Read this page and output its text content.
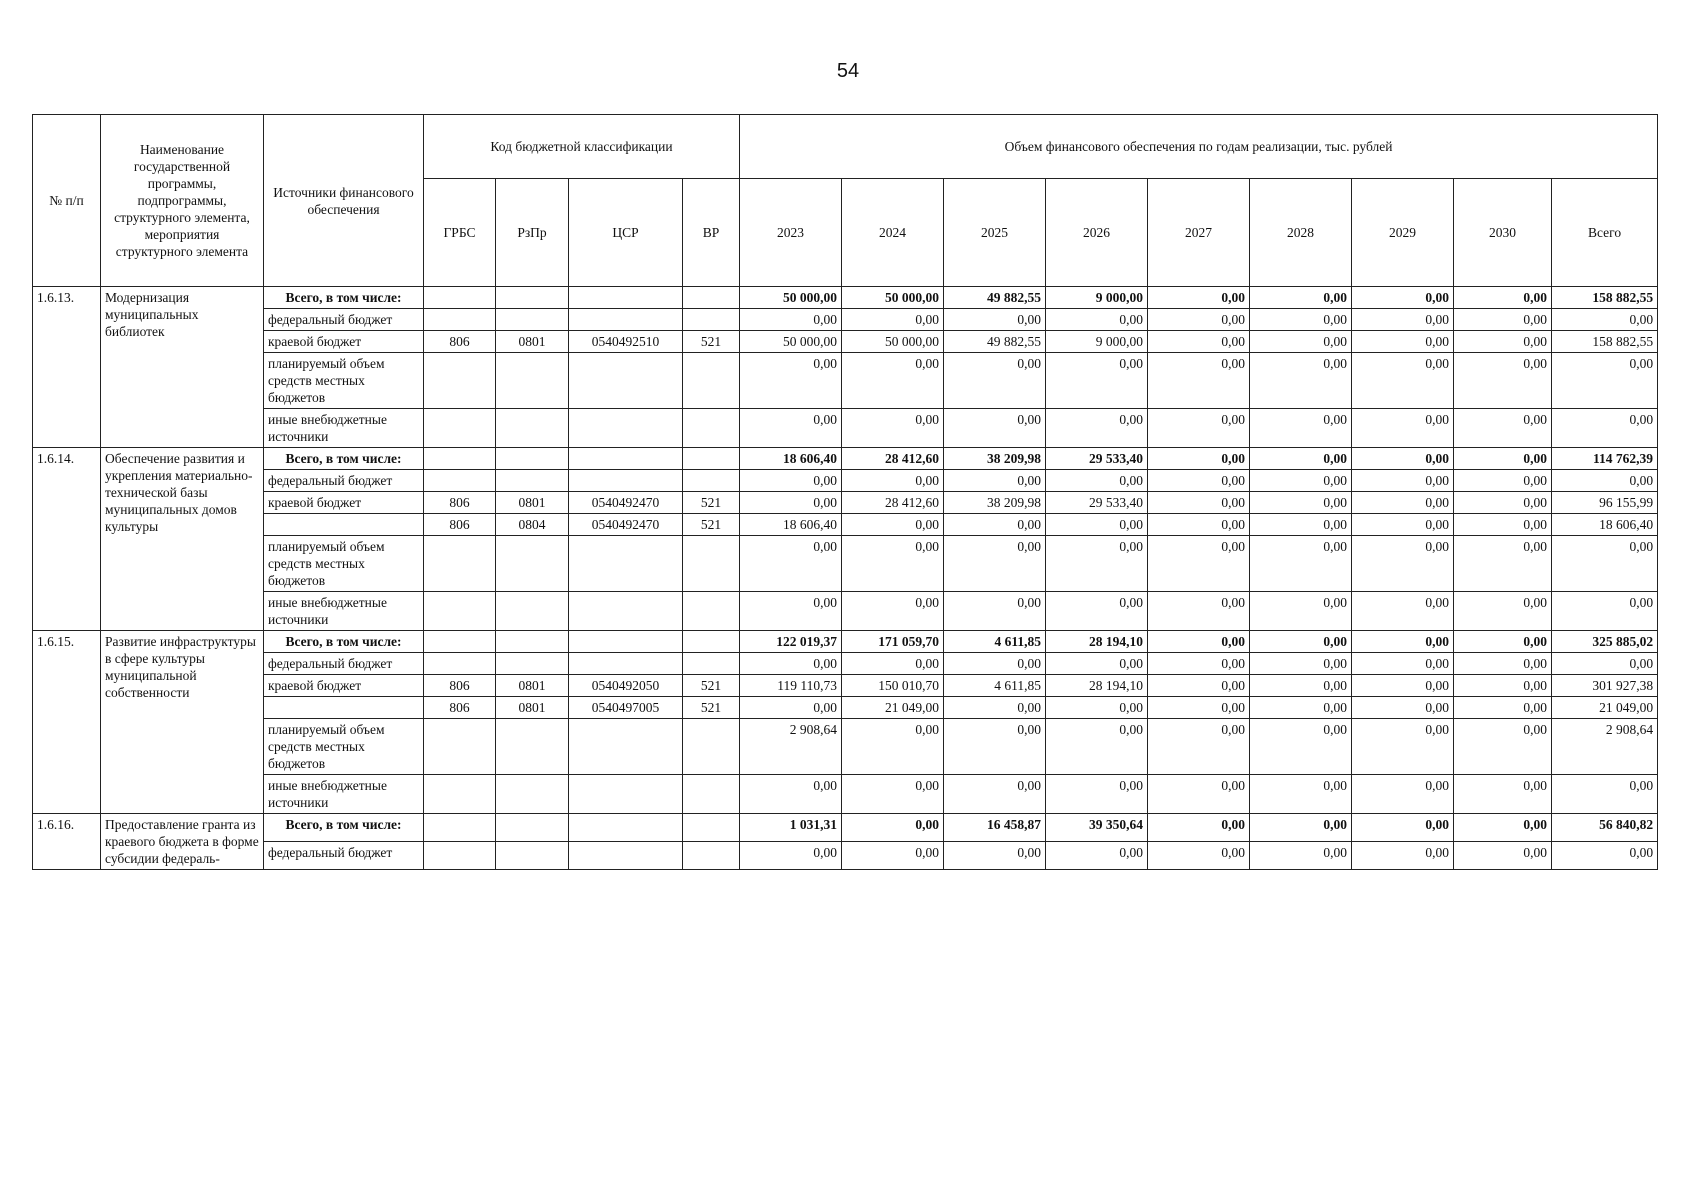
54
№ п/п	Наименование государственной программы, подпрограммы, структурного элемента, мероприятия структурного элемента	Источники финансового обеспечения	Код бюджетной классификации				Объем финансового обеспечения по годам реализации, тыс. рублей								
			ГРБС	РзПр	ЦСР	ВР	2023	2024	2025	2026	2027	2028	2029	2030	Всего
1.6.13.	Модернизация муниципальных библиотек	Всего, в том числе:					50 000,00	50 000,00	49 882,55	9 000,00	0,00	0,00	0,00	0,00	158 882,55
		федеральный бюджет					0,00	0,00	0,00	0,00	0,00	0,00	0,00	0,00	0,00
		краевой бюджет	806	0801	0540492510	521	50 000,00	50 000,00	49 882,55	9 000,00	0,00	0,00	0,00	0,00	158 882,55
		планируемый объем средств местных бюджетов					0,00	0,00	0,00	0,00	0,00	0,00	0,00	0,00	0,00
		иные внебюджетные источники					0,00	0,00	0,00	0,00	0,00	0,00	0,00	0,00	0,00
1.6.14.	Обеспечение развития и укрепления материально-технической базы муниципальных домов культуры	Всего, в том числе:					18 606,40	28 412,60	38 209,98	29 533,40	0,00	0,00	0,00	0,00	114 762,39
		федеральный бюджет					0,00	0,00	0,00	0,00	0,00	0,00	0,00	0,00	0,00
		краевой бюджет	806	0801	0540492470	521	0,00	28 412,60	38 209,98	29 533,40	0,00	0,00	0,00	0,00	96 155,99
			806	0804	0540492470	521	18 606,40	0,00	0,00	0,00	0,00	0,00	0,00	0,00	18 606,40
		планируемый объем средств местных бюджетов					0,00	0,00	0,00	0,00	0,00	0,00	0,00	0,00	0,00
		иные внебюджетные источники					0,00	0,00	0,00	0,00	0,00	0,00	0,00	0,00	0,00
1.6.15.	Развитие инфраструктуры в сфере культуры муниципальной собственности	Всего, в том числе:					122 019,37	171 059,70	4 611,85	28 194,10	0,00	0,00	0,00	0,00	325 885,02
		федеральный бюджет					0,00	0,00	0,00	0,00	0,00	0,00	0,00	0,00	0,00
		краевой бюджет	806	0801	0540492050	521	119 110,73	150 010,70	4 611,85	28 194,10	0,00	0,00	0,00	0,00	301 927,38
			806	0801	0540497005	521	0,00	21 049,00	0,00	0,00	0,00	0,00	0,00	0,00	21 049,00
		планируемый объем средств местных бюджетов					2 908,64	0,00	0,00	0,00	0,00	0,00	0,00	0,00	2 908,64
		иные внебюджетные источники					0,00	0,00	0,00	0,00	0,00	0,00	0,00	0,00	0,00
1.6.16.	Предоставление гранта из краевого бюджета в форме субсидии федераль-	Всего, в том числе:					1 031,31	0,00	16 458,87	39 350,64	0,00	0,00	0,00	0,00	56 840,82
		федеральный бюджет					0,00	0,00	0,00	0,00	0,00	0,00	0,00	0,00	0,00
